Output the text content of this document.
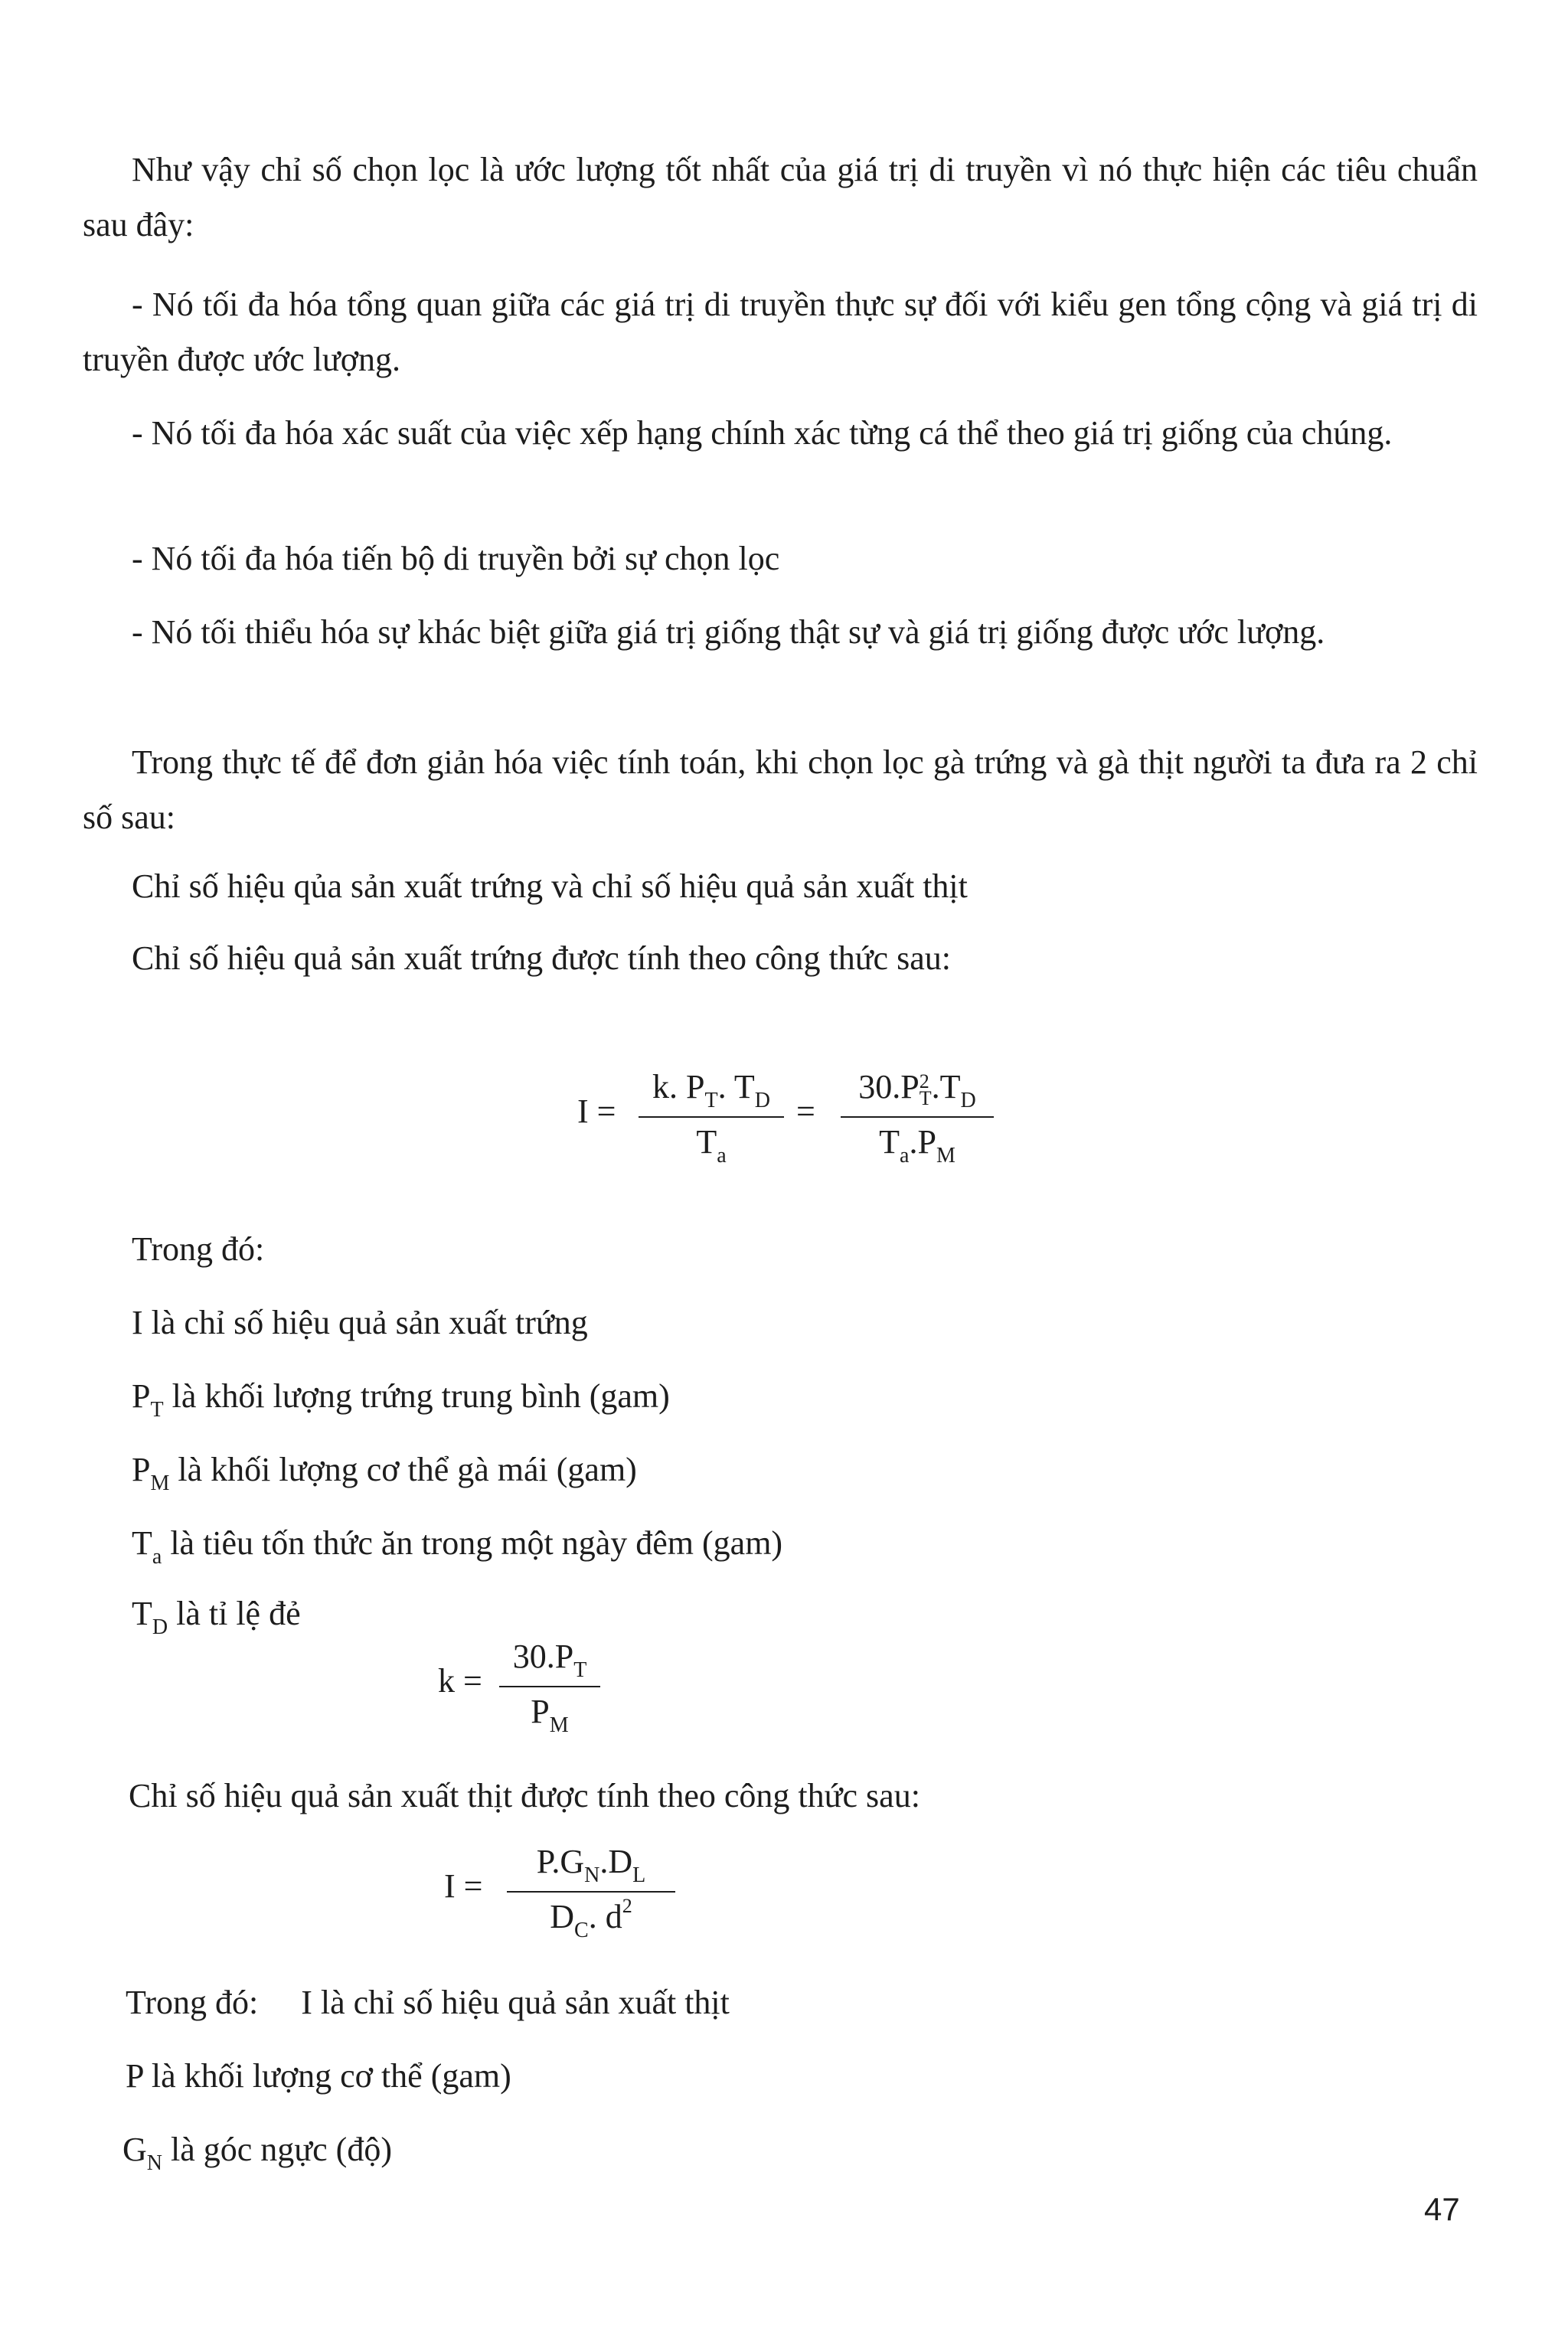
Như vậy chỉ số chọn lọc là ước lượng tốt nhất của giá trị di truyền vì nó thực hiện các tiêu chuẩn sau đây:

- Nó tối đa hóa tổng quan giữa các giá trị di truyền thực sự đối với kiểu gen tổng cộng và giá trị di truyền được ước lượng.

- Nó tối đa hóa xác suất của việc xếp hạng chính xác từng cá thể theo giá trị giống của chúng.

- Nó tối đa hóa tiến bộ di truyền bởi sự chọn lọc

- Nó tối thiểu hóa sự khác biệt giữa giá trị giống thật sự và giá trị giống được ước lượng.

Trong thực tế để đơn giản hóa việc tính toán, khi chọn lọc gà trứng và gà thịt người ta đưa ra 2 chỉ số sau:

Chỉ số hiệu qủa sản xuất trứng và chỉ số hiệu quả sản xuất thịt

Chỉ số hiệu quả sản xuất trứng được tính theo công thức sau:

I =
k. $P_T$. $T_D$
$T_a$
=
30.P 2
T $.T_D$
$T_a.P_M$

Trong đó:

I là chỉ số hiệu quả sản xuất trứng

$P_T$ là khối lượng trứng trung bình (gam)

$P_M$ là khối lượng cơ thể gà mái (gam)

$T_a$ là tiêu tốn thức ăn trong một ngày đêm (gam)

$T_D$ là tỉ lệ đẻ

k =
$30.P_T$
$P_M$

Chỉ số hiệu quả sản xuất thịt được tính theo công thức sau:

I =
$P.G_N.D_L$
$D_C$. $d^2$

Trong đó: I là chỉ số hiệu quả sản xuất thịt

P là khối lượng cơ thể (gam)

$G_N$ là góc ngực (độ)

47
